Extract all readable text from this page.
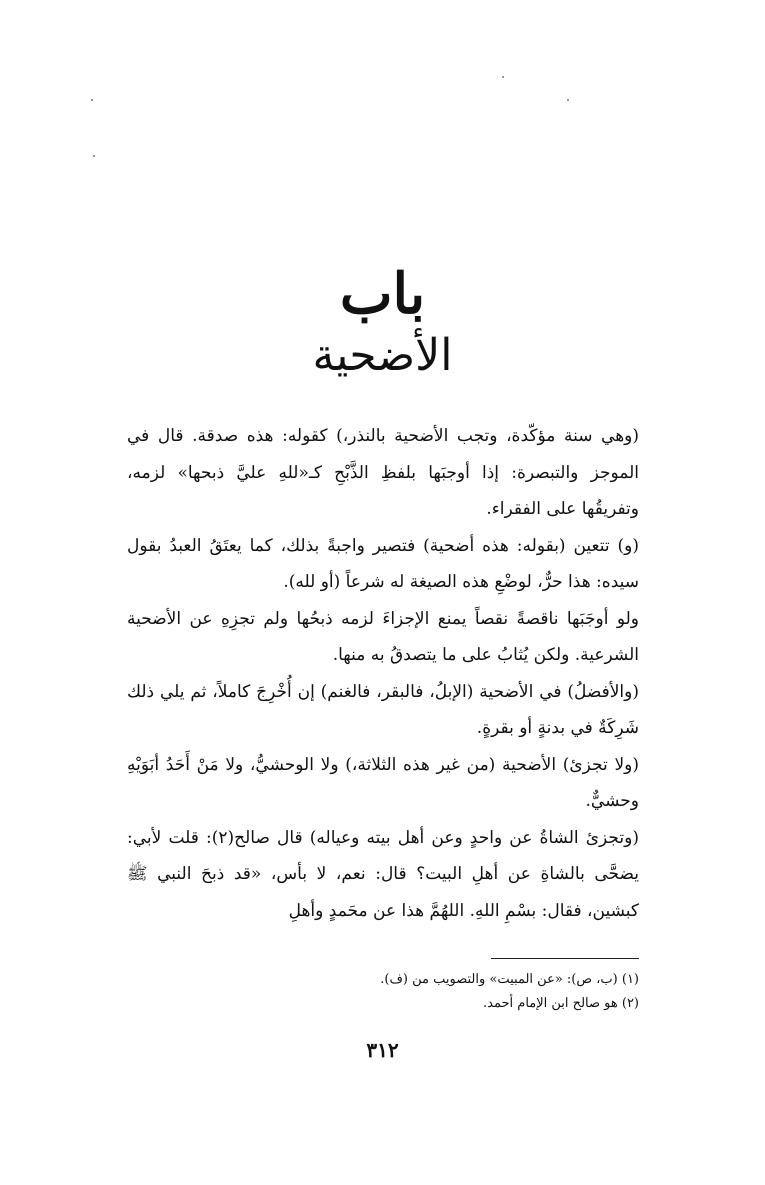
باب
الأضحية

(وهي سنة مؤكّدة، وتجب الأضحية بالنذر،) كقوله: هذه صدقة. قال في الموجز والتبصرة: إذا أوجبَها بلفظِ الذَّبْحِ كـ«للهِ عليَّ ذبحها» لزمه، وتفريقُها على الفقراء.

(و) تتعين (بقوله: هذه أضحية) فتصير واجبةً بذلك، كما يعتَقُ العبدُ بقول سيده: هذا حرٌّ، لوضْعِ هذه الصيغة له شرعاً (أو لله).

ولو أوجَبَها ناقصةً نقصاً يمنع الإجزاءَ لزمه ذبحُها ولم تجزِهِ عن الأضحية الشرعية. ولكن يُثابُ على ما يتصدقُ به منها.

(والأفضلُ) في الأضحية (الإبلُ، فالبقر، فالغنم) إن أُخْرِجَ كاملاً، ثم يلي ذلك شَرِكَةٌ في بدنةٍ أو بقرةٍ.

(ولا تجزئ) الأضحية (من غير هذه الثلاثة،) ولا الوحشيُّ، ولا مَنْ أَحَدُ أبَوَيْهِ وحشيٌّ.

(وتجزئ الشاةُ عن واحدٍ وعن أهل بيته وعياله) قال صالح(٢): قلت لأبي: يضحَّى بالشاةِ عن أهلِ البيت؟ قال: نعم، لا بأس، «قد ذبحَ النبي ﷺ كبشين، فقال: بسْمِ اللهِ. اللهُمَّ هذا عن محَمدٍ وأهلِ

(١) (ب، ص): «عن المبيت» والتصويب من (ف).
(٢) هو صالح ابن الإمام أحمد.
٣١٢
